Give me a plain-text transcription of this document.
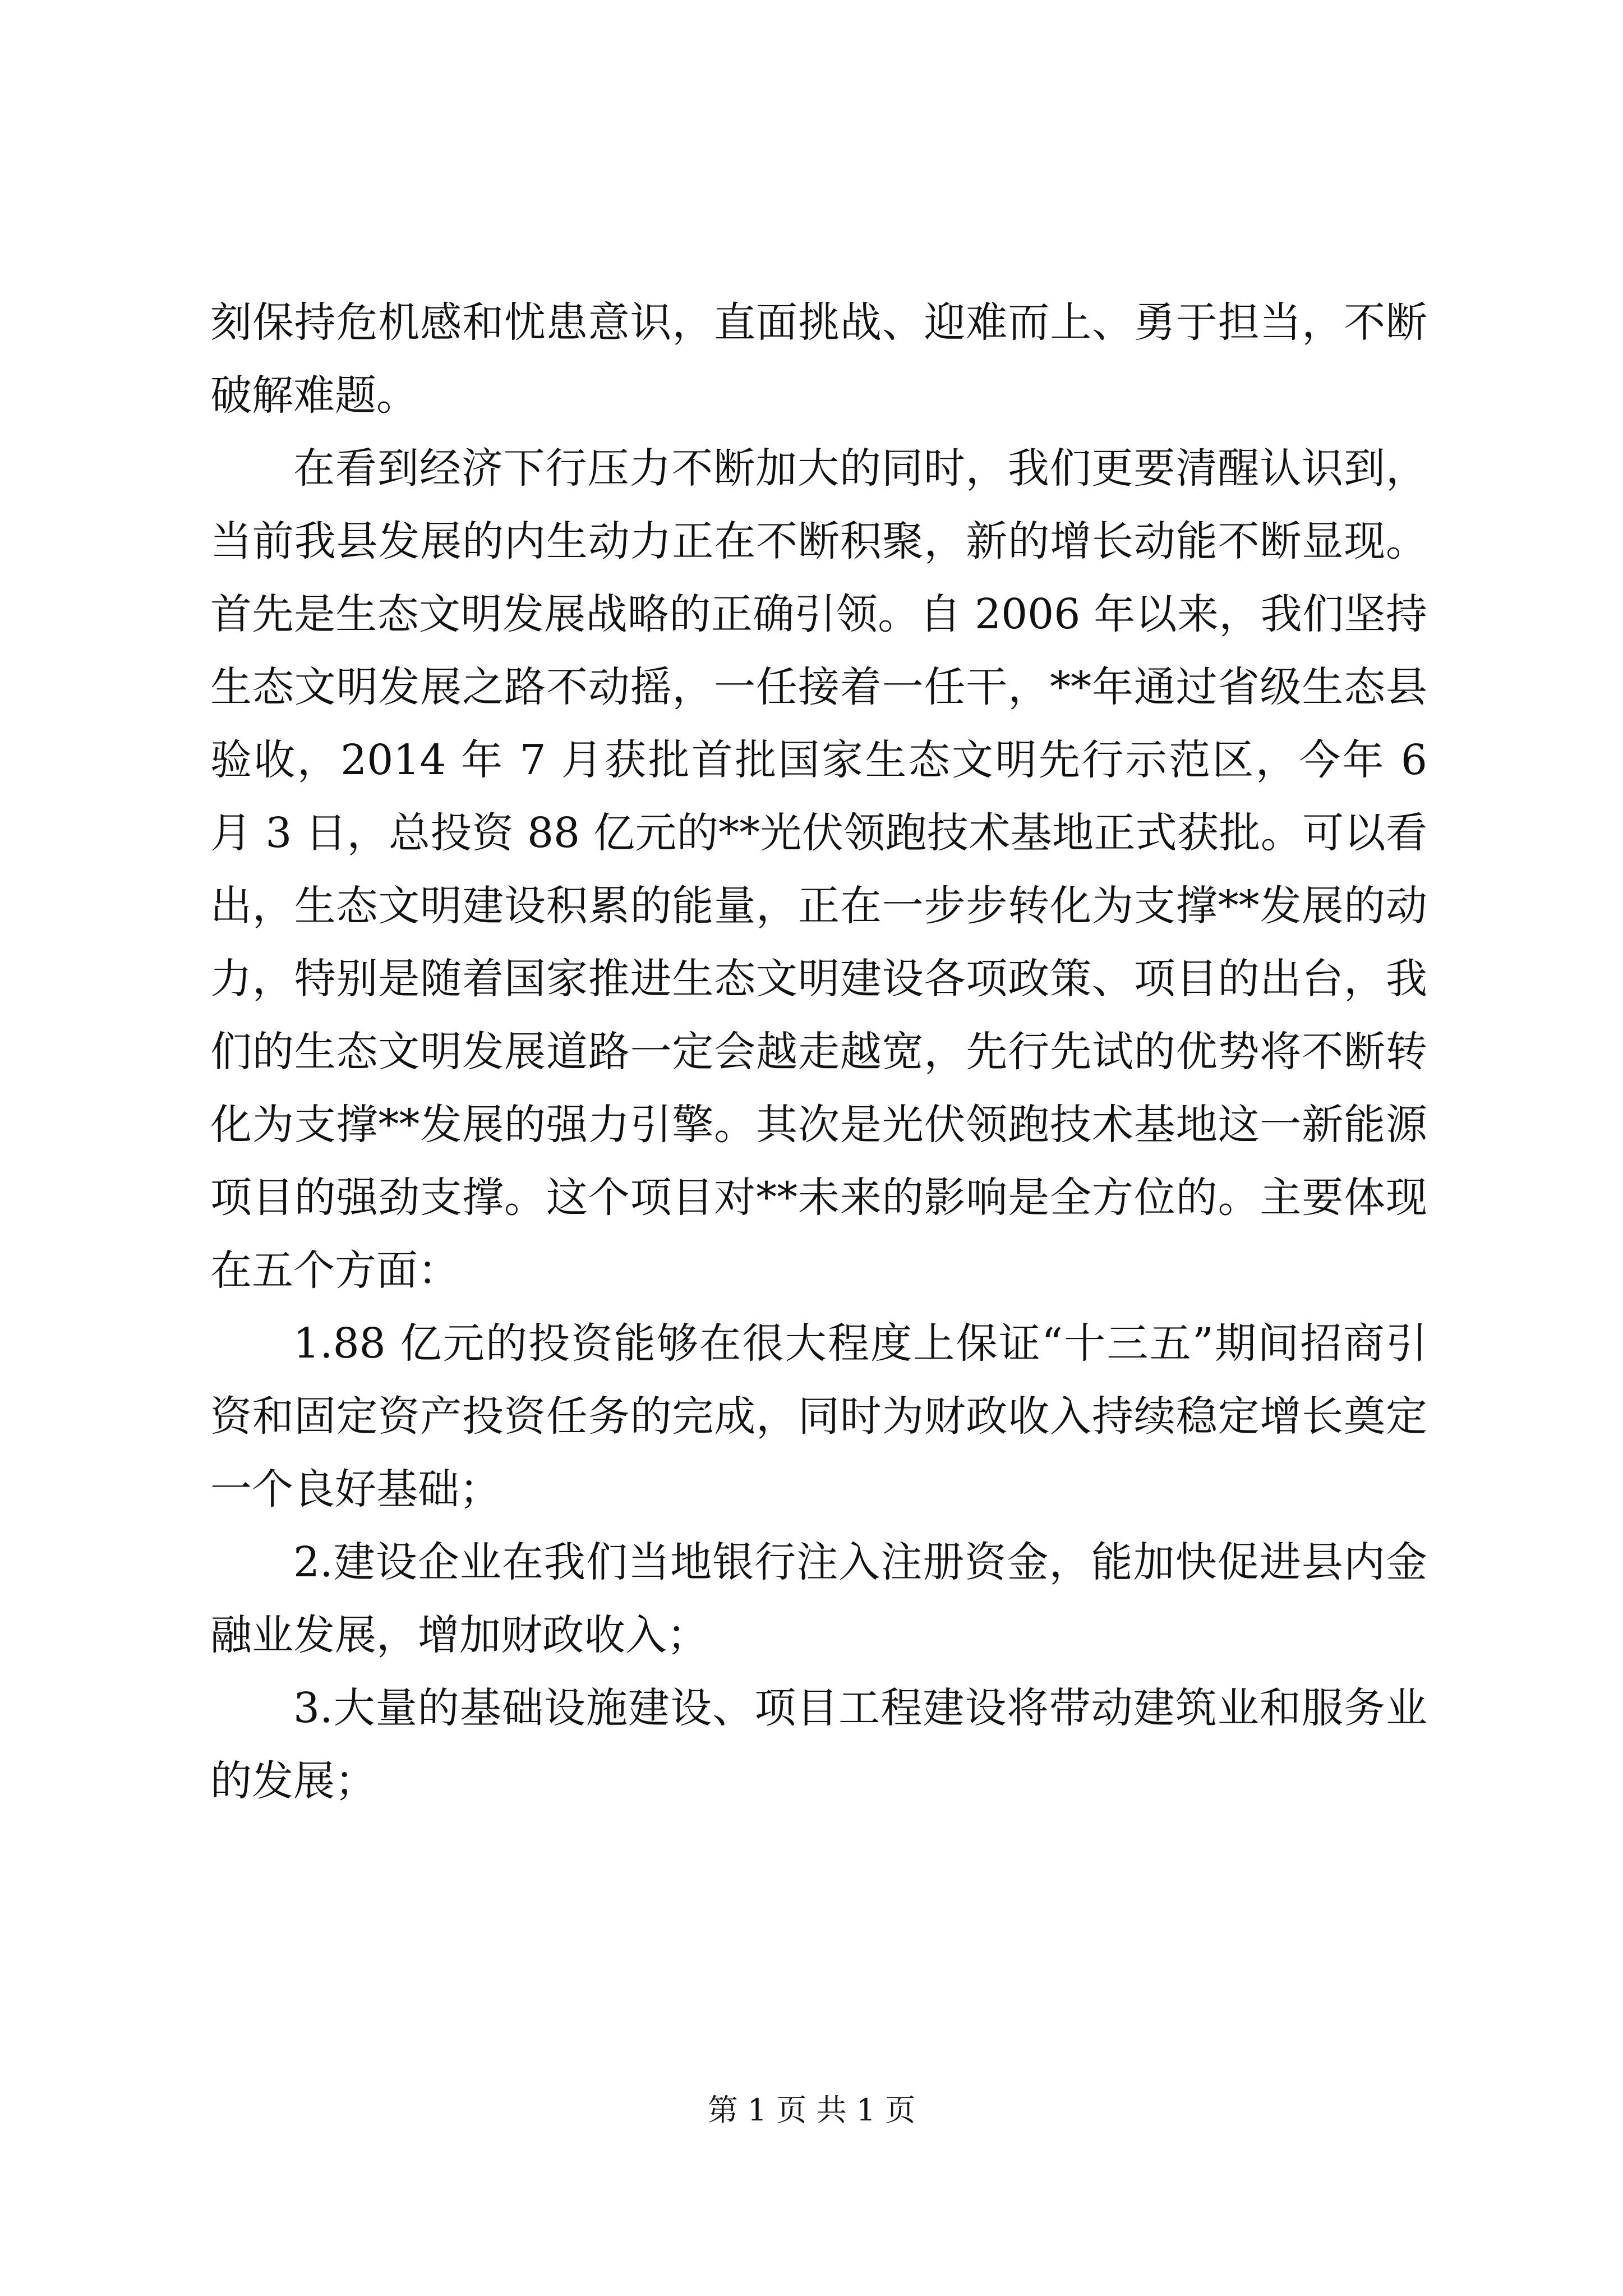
刻保持危机感和忧患意识，直面挑战、迎难而上、勇于担当，不断破解难题。

在看到经济下行压力不断加大的同时，我们更要清醒认识到，当前我县发展的内生动力正在不断积聚，新的增长动能不断显现。首先是生态文明发展战略的正确引领。自 2006 年以来，我们坚持生态文明发展之路不动摇，一任接着一任干，**年通过省级生态县验收，2014 年 7 月获批首批国家生态文明先行示范区，今年 6 月 3 日，总投资 88 亿元的**光伏领跑技术基地正式获批。可以看出，生态文明建设积累的能量，正在一步步转化为支撑**发展的动力，特别是随着国家推进生态文明建设各项政策、项目的出台，我们的生态文明发展道路一定会越走越宽，先行先试的优势将不断转化为支撑**发展的强力引擎。其次是光伏领跑技术基地这一新能源项目的强劲支撑。这个项目对**未来的影响是全方位的。主要体现在五个方面：

1.88 亿元的投资能够在很大程度上保证“十三五”期间招商引资和固定资产投资任务的完成，同时为财政收入持续稳定增长奠定一个良好基础；

2.建设企业在我们当地银行注入注册资金，能加快促进县内金融业发展，增加财政收入；

3.大量的基础设施建设、项目工程建设将带动建筑业和服务业的发展；

第 1 页 共 1 页
